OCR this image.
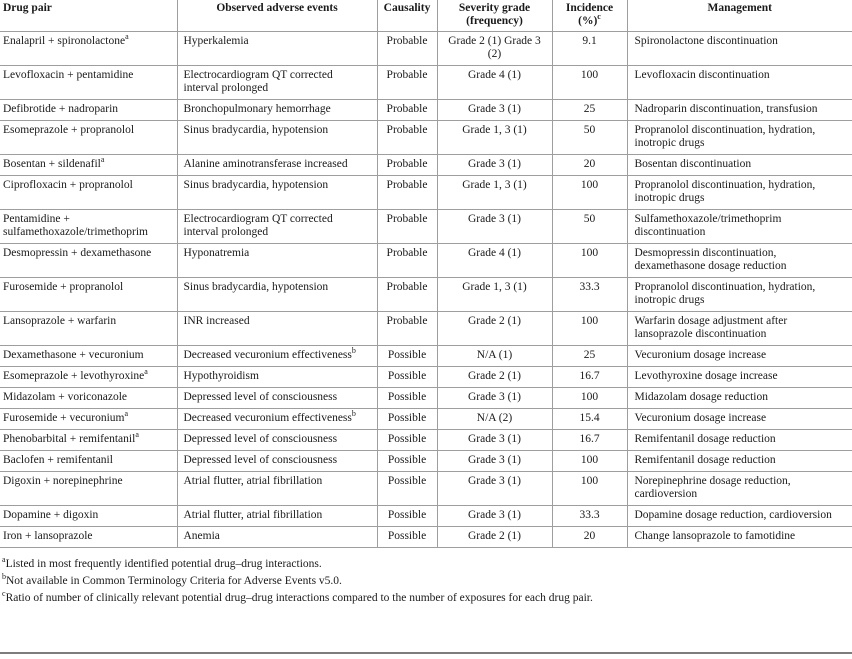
Drug pair	Observed adverse events	Causality	Severity grade (frequency)	Incidence (%)$^c$	Management
Enalapril + spironolactone$^a$	Hyperkalemia	Probable	Grade 2 (1) Grade 3 (2)	9.1	Spironolactone discontinuation
Levofloxacin + pentamidine	Electrocardiogram QT corrected interval prolonged	Probable	Grade 4 (1)	100	Levofloxacin discontinuation
Defibrotide + nadroparin	Bronchopulmonary hemorrhage	Probable	Grade 3 (1)	25	Nadroparin discontinuation, transfusion
Esomeprazole + propranolol	Sinus bradycardia, hypotension	Probable	Grade 1, 3 (1)	50	Propranolol discontinuation, hydration, inotropic drugs
Bosentan + sildenafil$^a$	Alanine aminotransferase increased	Probable	Grade 3 (1)	20	Bosentan discontinuation
Ciprofloxacin + propranolol	Sinus bradycardia, hypotension	Probable	Grade 1, 3 (1)	100	Propranolol discontinuation, hydration, inotropic drugs
Pentamidine + sulfamethoxazole/trimethoprim	Electrocardiogram QT corrected interval prolonged	Probable	Grade 3 (1)	50	Sulfamethoxazole/trimethoprim discontinuation
Desmopressin + dexamethasone	Hyponatremia	Probable	Grade 4 (1)	100	Desmopressin discontinuation, dexamethasone dosage reduction
Furosemide + propranolol	Sinus bradycardia, hypotension	Probable	Grade 1, 3 (1)	33.3	Propranolol discontinuation, hydration, inotropic drugs
Lansoprazole + warfarin	INR increased	Probable	Grade 2 (1)	100	Warfarin dosage adjustment after lansoprazole discontinuation
Dexamethasone + vecuronium	Decreased vecuronium effectiveness$^b$	Possible	N/A (1)	25	Vecuronium dosage increase
Esomeprazole + levothyroxine$^a$	Hypothyroidism	Possible	Grade 2 (1)	16.7	Levothyroxine dosage increase
Midazolam + voriconazole	Depressed level of consciousness	Possible	Grade 3 (1)	100	Midazolam dosage reduction
Furosemide + vecuronium$^a$	Decreased vecuronium effectiveness$^b$	Possible	N/A (2)	15.4	Vecuronium dosage increase
Phenobarbital + remifentanil$^a$	Depressed level of consciousness	Possible	Grade 3 (1)	16.7	Remifentanil dosage reduction
Baclofen + remifentanil	Depressed level of consciousness	Possible	Grade 3 (1)	100	Remifentanil dosage reduction
Digoxin + norepinephrine	Atrial flutter, atrial fibrillation	Possible	Grade 3 (1)	100	Norepinephrine dosage reduction, cardioversion
Dopamine + digoxin	Atrial flutter, atrial fibrillation	Possible	Grade 3 (1)	33.3	Dopamine dosage reduction, cardioversion
Iron + lansoprazole	Anemia	Possible	Grade 2 (1)	20	Change lansoprazole to famotidine
$^a$Listed in most frequently identified potential drug–drug interactions.
$^b$Not available in Common Terminology Criteria for Adverse Events v5.0.
$^c$Ratio of number of clinically relevant potential drug–drug interactions compared to the number of exposures for each drug pair.
